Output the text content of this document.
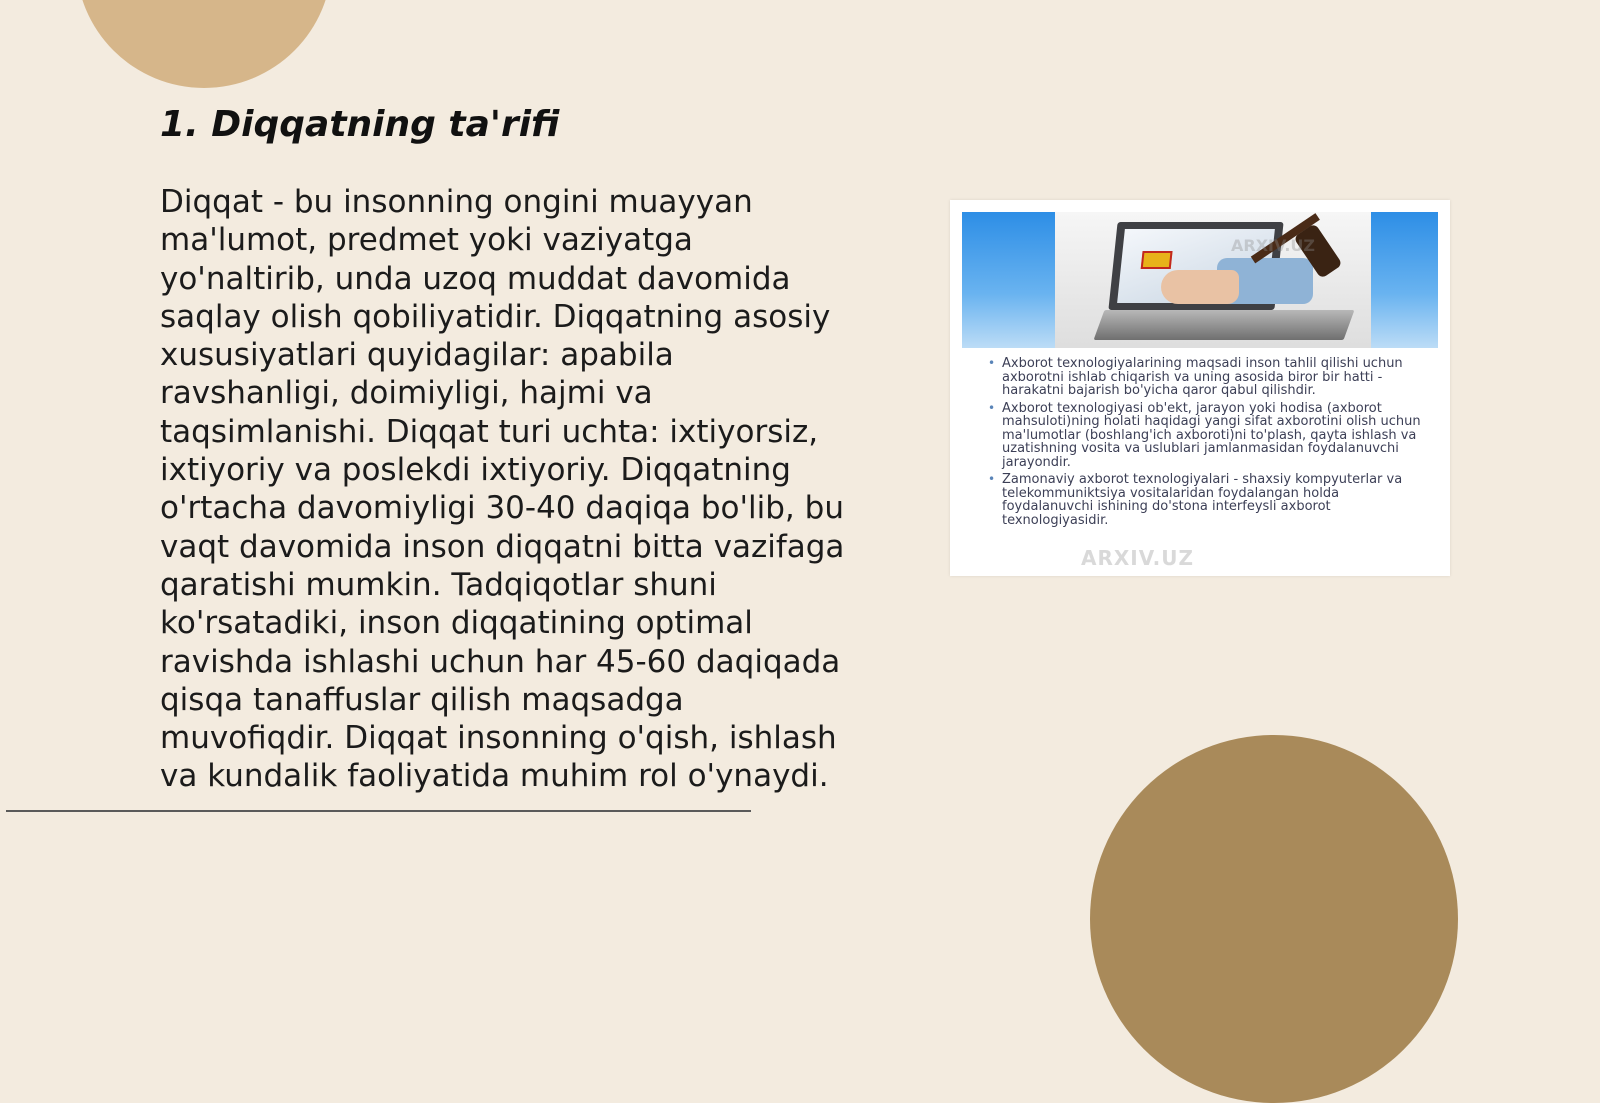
1. Diqqatning ta'rifi

Diqqat - bu insonning ongini muayyan ma'lumot, predmet yoki vaziyatga yo'naltirib, unda uzoq muddat davomida saqlay olish qobiliyatidir. Diqqatning asosiy xususiyatlari quyidagilar: apabila ravshanligi, doimiyligi, hajmi va taqsimlanishi. Diqqat turi uchta: ixtiyorsiz, ixtiyoriy va poslekdi ixtiyoriy. Diqqatning o'rtacha davomiyligi 30-40 daqiqa bo'lib, bu vaqt davomida inson diqqatni bitta vazifaga qaratishi mumkin. Tadqiqotlar shuni ko'rsatadiki, inson diqqatining optimal ravishda ishlashi uchun har 45-60 daqiqada qisqa tanaffuslar qilish maqsadga muvofiqdir. Diqqat insonning o'qish, ishlash va kundalik faoliyatida muhim rol o'ynaydi.

ARXIV.UZ
• Axborot texnologiyalarining maqsadi inson tahlil qilishi uchun axborotni ishlab chiqarish va uning asosida biror bir hatti - harakatni bajarish bo'yicha qaror qabul qilishdir.
• Axborot texnologiyasi ob'ekt, jarayon yoki hodisa (axborot mahsuloti)ning holati haqidagi yangi sifat axborotini olish uchun ma'lumotlar (boshlang'ich axboroti)ni to'plash, qayta ishlash va uzatishning vosita va uslublari jamlanmasidan foydalanuvchi jarayondir.
• Zamonaviy axborot texnologiyalari - shaxsiy kompyuterlar va telekommuniktsiya vositalaridan foydalangan holda foydalanuvchi ishining do'stona interfeysli axborot texnologiyasidir.
ARXIV.UZ
